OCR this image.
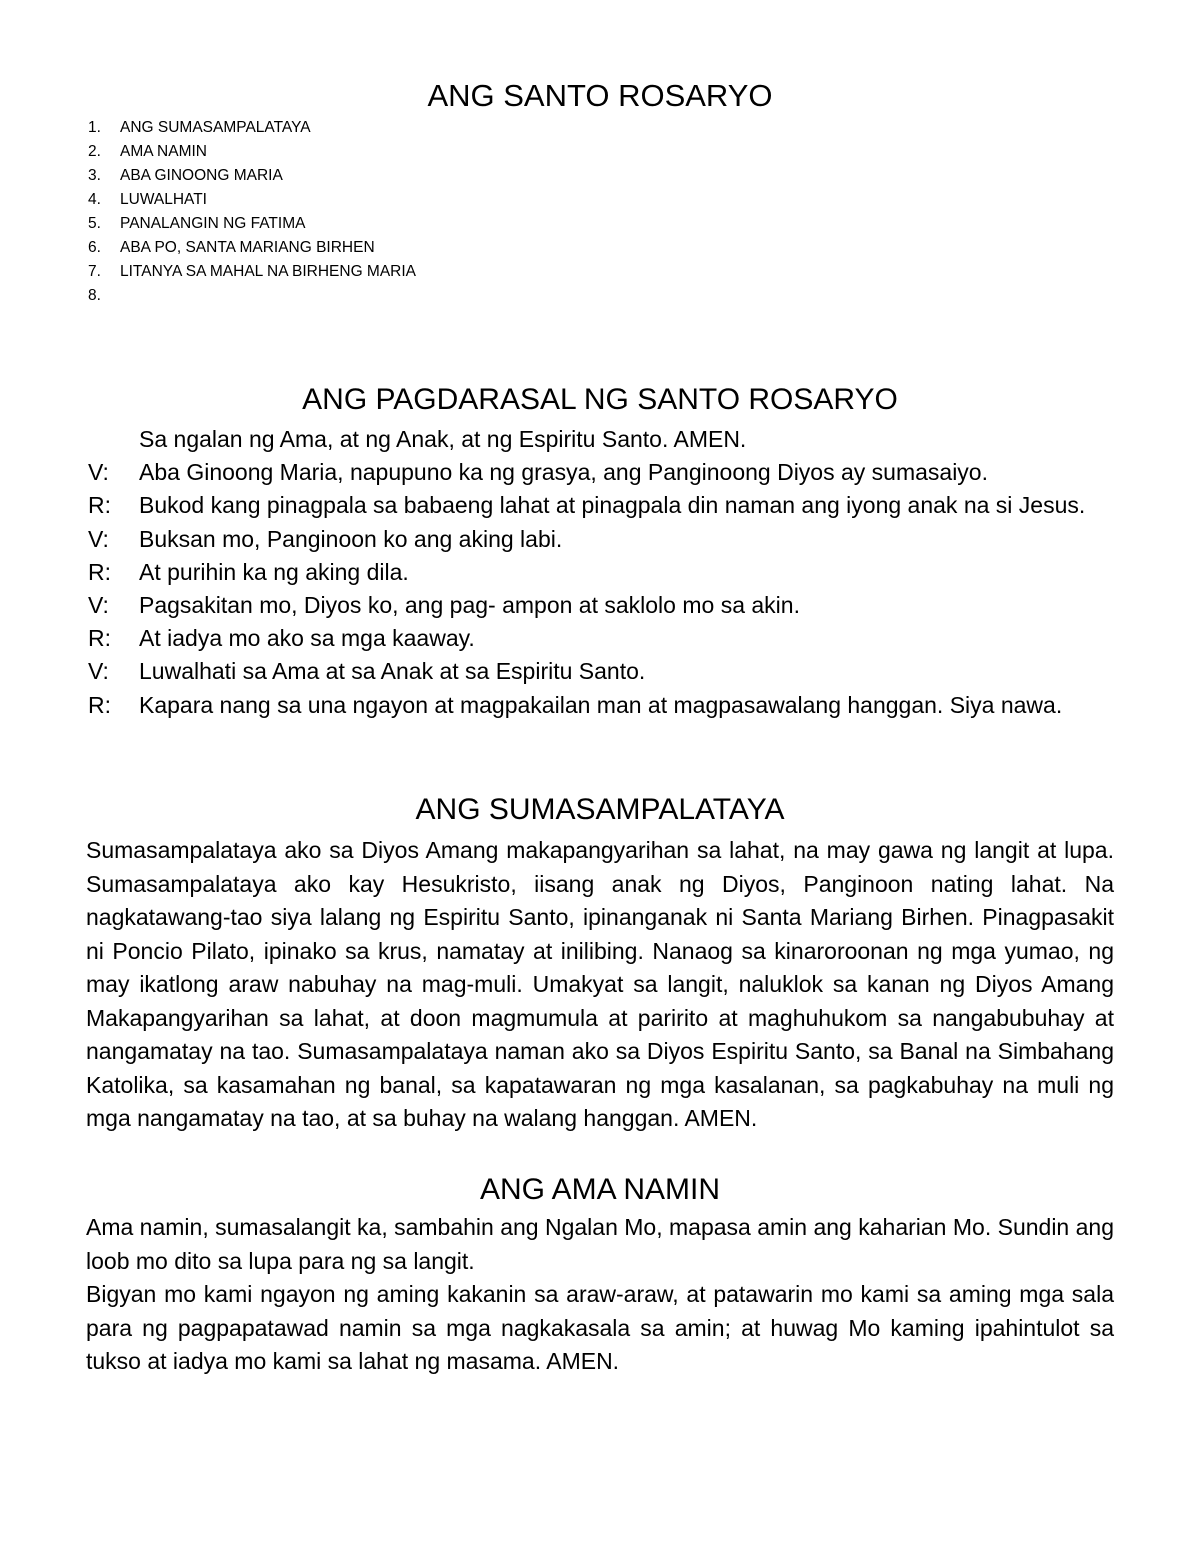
ANG SANTO ROSARYO
1.	ANG SUMASAMPALATAYA
2.	AMA NAMIN
3.	ABA GINOONG MARIA
4.	LUWALHATI
5.	PANALANGIN NG FATIMA
6.	ABA PO, SANTA MARIANG BIRHEN
7.	LITANYA SA MAHAL NA BIRHENG MARIA
8.
ANG PAGDARASAL NG SANTO ROSARYO
Sa ngalan ng Ama, at ng Anak, at ng Espiritu Santo. AMEN.
V:	Aba Ginoong Maria, napupuno ka ng grasya, ang Panginoong Diyos ay sumasaiyo.
R:	Bukod kang pinagpala sa babaeng lahat at pinagpala din naman ang iyong anak na si Jesus.
V:	Buksan mo, Panginoon ko ang aking labi.
R:	At purihin ka ng aking dila.
V:	Pagsakitan mo, Diyos ko, ang pag- ampon at saklolo mo sa akin.
R:	At iadya mo ako sa mga kaaway.
V:	Luwalhati sa Ama at sa Anak at sa Espiritu Santo.
R:	Kapara nang sa una ngayon at magpakailan man at magpasawalang hanggan. Siya nawa.
ANG SUMASAMPALATAYA

Sumasampalataya ako sa Diyos Amang makapangyarihan sa lahat, na may gawa ng langit at lupa. Sumasampalataya ako kay Hesukristo, iisang anak ng Diyos, Panginoon nating lahat. Na nagkatawang-tao siya lalang ng Espiritu Santo, ipinanganak ni Santa Mariang Birhen. Pinagpasakit ni Poncio Pilato, ipinako sa krus, namatay at inilibing. Nanaog sa kinaroroonan ng mga yumao, ng may ikatlong araw nabuhay na mag-muli. Umakyat sa langit, naluklok sa kanan ng Diyos Amang Makapangyarihan sa lahat, at doon magmumula at paririto at maghuhukom sa nangabubuhay at nangamatay na tao. Sumasampalataya naman ako sa Diyos Espiritu Santo, sa Banal na Simbahang Katolika, sa kasamahan ng banal, sa kapatawaran ng mga kasalanan, sa pagkabuhay na muli ng mga nangamatay na tao, at sa buhay na walang hanggan. AMEN.

ANG AMA NAMIN

Ama namin, sumasalangit ka, sambahin ang Ngalan Mo, mapasa amin ang kaharian Mo. Sundin ang loob mo dito sa lupa para ng sa langit.

Bigyan mo kami ngayon ng aming kakanin sa araw-araw, at patawarin mo kami sa aming mga sala para ng pagpapatawad namin sa mga nagkakasala sa amin; at huwag Mo kaming ipahintulot sa tukso at iadya mo kami sa lahat ng masama. AMEN.
